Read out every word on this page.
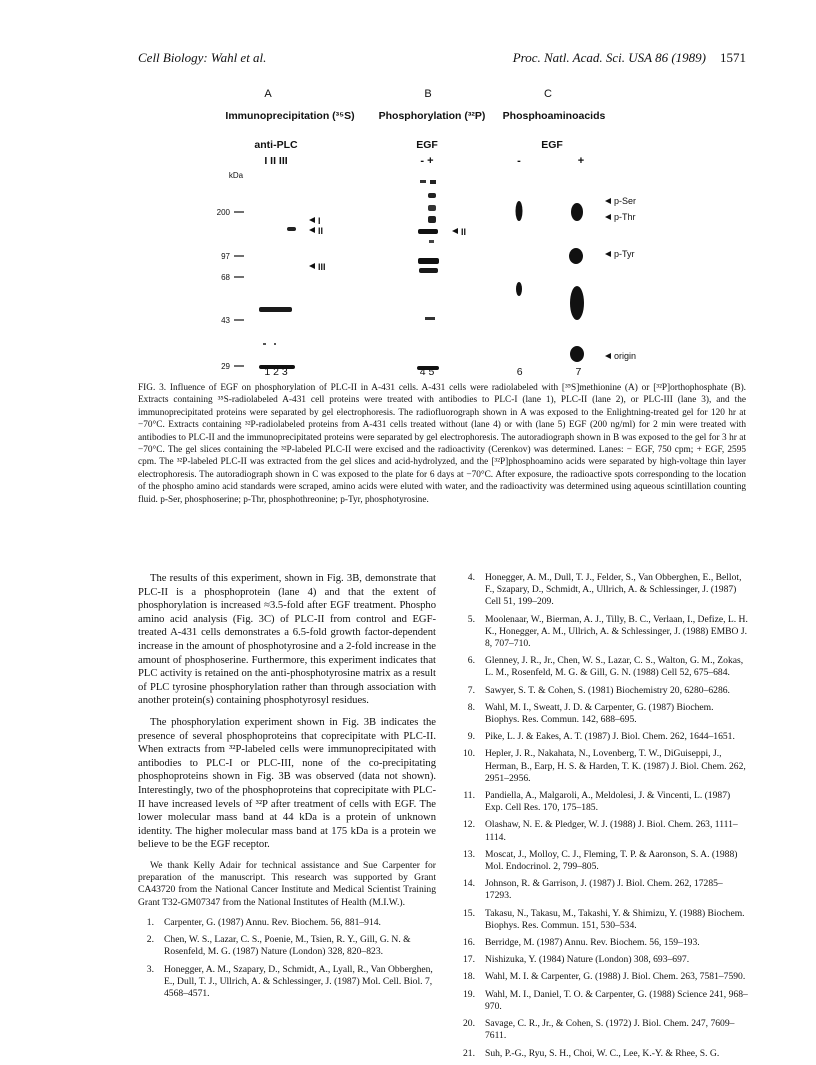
Cell Biology: Wahl et al.	Proc. Natl. Acad. Sci. USA 86 (1989) 1571
A	B	C
Immunoprecipitation (³⁵S) Phosphorylation (³²P) Phosphoaminoacids
anti-PLC
I II III
EGF
- +
EGF
-	+
kDa
200
97
68
43
29
I
II
III
II
p-Ser
p-Thr
p-Tyr
origin
1 2 3	4 5	6 7
FIG. 3. Influence of EGF on phosphorylation of PLC-II in A-431 cells. A-431 cells were radiolabeled with [³⁵S]methionine (A) or [³²P]orthophosphate (B). Extracts containing ³⁵S-radiolabeled A-431 cell proteins were treated with antibodies to PLC-I (lane 1), PLC-II (lane 2), or PLC-III (lane 3), and the immunoprecipitated proteins were separated by gel electrophoresis. The radiofluorograph shown in A was exposed to the Enlightning-treated gel for 120 hr at −70°C. Extracts containing ³²P-radiolabeled proteins from A-431 cells treated without (lane 4) or with (lane 5) EGF (200 ng/ml) for 2 min were treated with antibodies to PLC-II and the immunoprecipitated proteins were separated by gel electrophoresis. The autoradiograph shown in B was exposed to the gel for 3 hr at −70°C. The gel slices containing the ³²P-labeled PLC-II were excised and the radioactivity (Cerenkov) was determined. Lanes: − EGF, 750 cpm; + EGF, 2595 cpm. The ³²P-labeled PLC-II was extracted from the gel slices and acid-hydrolyzed, and the [³²P]phosphoamino acids were separated by high-voltage thin layer electrophoresis. The autoradiograph shown in C was exposed to the plate for 6 days at −70°C. After exposure, the radioactive spots corresponding to the location of the phospho amino acid standards were scraped, amino acids were eluted with water, and the radioactivity was determined using aqueous scintillation counting fluid. p-Ser, phosphoserine; p-Thr, phosphothreonine; p-Tyr, phosphotyrosine.

The results of this experiment, shown in Fig. 3B, demonstrate that PLC-II is a phosphoprotein (lane 4) and that the extent of phosphorylation is increased ≈3.5-fold after EGF treatment. Phospho amino acid analysis (Fig. 3C) of PLC-II from control and EGF-treated A-431 cells demonstrates a 6.5-fold growth factor-dependent increase in the amount of phosphotyrosine and a 2-fold increase in the amount of phosphoserine. Furthermore, this experiment indicates that PLC activity is retained on the anti-phosphotyrosine matrix as a result of PLC tyrosine phosphorylation rather than through association with another protein(s) containing phosphotyrosyl residues.

The phosphorylation experiment shown in Fig. 3B indicates the presence of several phosphoproteins that coprecipitate with PLC-II. When extracts from ³²P-labeled cells were immunoprecipitated with antibodies to PLC-I or PLC-III, none of the co-precipitating phosphoproteins shown in Fig. 3B was observed (data not shown). Interestingly, two of the phosphoproteins that coprecipitate with PLC-II have increased levels of ³²P after treatment of cells with EGF. The lower molecular mass band at 44 kDa is a protein of unknown identity. The higher molecular mass band at 175 kDa is a protein we believe to be the EGF receptor.

We thank Kelly Adair for technical assistance and Sue Carpenter for preparation of the manuscript. This research was supported by Grant CA43720 from the National Cancer Institute and Medical Scientist Training Grant T32-GM07347 from the National Institutes of Health (M.I.W.).

1. Carpenter, G. (1987) Annu. Rev. Biochem. 56, 881–914.
2. Chen, W. S., Lazar, C. S., Poenie, M., Tsien, R. Y., Gill, G. N. & Rosenfeld, M. G. (1987) Nature (London) 328, 820–823.
3. Honegger, A. M., Szapary, D., Schmidt, A., Lyall, R., Van Obberghen, E., Dull, T. J., Ullrich, A. & Schlessinger, J. (1987) Mol. Cell. Biol. 7, 4568–4571.
4. Honegger, A. M., Dull, T. J., Felder, S., Van Obberghen, E., Bellot, F., Szapary, D., Schmidt, A., Ullrich, A. & Schlessinger, J. (1987) Cell 51, 199–209.
5. Moolenaar, W., Bierman, A. J., Tilly, B. C., Verlaan, I., Defize, L. H. K., Honegger, A. M., Ullrich, A. & Schlessinger, J. (1988) EMBO J. 8, 707–710.
6. Glenney, J. R., Jr., Chen, W. S., Lazar, C. S., Walton, G. M., Zokas, L. M., Rosenfeld, M. G. & Gill, G. N. (1988) Cell 52, 675–684.
7. Sawyer, S. T. & Cohen, S. (1981) Biochemistry 20, 6280–6286.
8. Wahl, M. I., Sweatt, J. D. & Carpenter, G. (1987) Biochem. Biophys. Res. Commun. 142, 688–695.
9. Pike, L. J. & Eakes, A. T. (1987) J. Biol. Chem. 262, 1644–1651.
10. Hepler, J. R., Nakahata, N., Lovenberg, T. W., DiGuiseppi, J., Herman, B., Earp, H. S. & Harden, T. K. (1987) J. Biol. Chem. 262, 2951–2956.
11. Pandiella, A., Malgaroli, A., Meldolesi, J. & Vincenti, L. (1987) Exp. Cell Res. 170, 175–185.
12. Olashaw, N. E. & Pledger, W. J. (1988) J. Biol. Chem. 263, 1111–1114.
13. Moscat, J., Molloy, C. J., Fleming, T. P. & Aaronson, S. A. (1988) Mol. Endocrinol. 2, 799–805.
14. Johnson, R. & Garrison, J. (1987) J. Biol. Chem. 262, 17285–17293.
15. Takasu, N., Takasu, M., Takashi, Y. & Shimizu, Y. (1988) Biochem. Biophys. Res. Commun. 151, 530–534.
16. Berridge, M. (1987) Annu. Rev. Biochem. 56, 159–193.
17. Nishizuka, Y. (1984) Nature (London) 308, 693–697.
18. Wahl, M. I. & Carpenter, G. (1988) J. Biol. Chem. 263, 7581–7590.
19. Wahl, M. I., Daniel, T. O. & Carpenter, G. (1988) Science 241, 968–970.
20. Savage, C. R., Jr., & Cohen, S. (1972) J. Biol. Chem. 247, 7609–7611.
21. Suh, P.-G., Ryu, S. H., Choi, W. C., Lee, K.-Y. & Rhee, S. G.
